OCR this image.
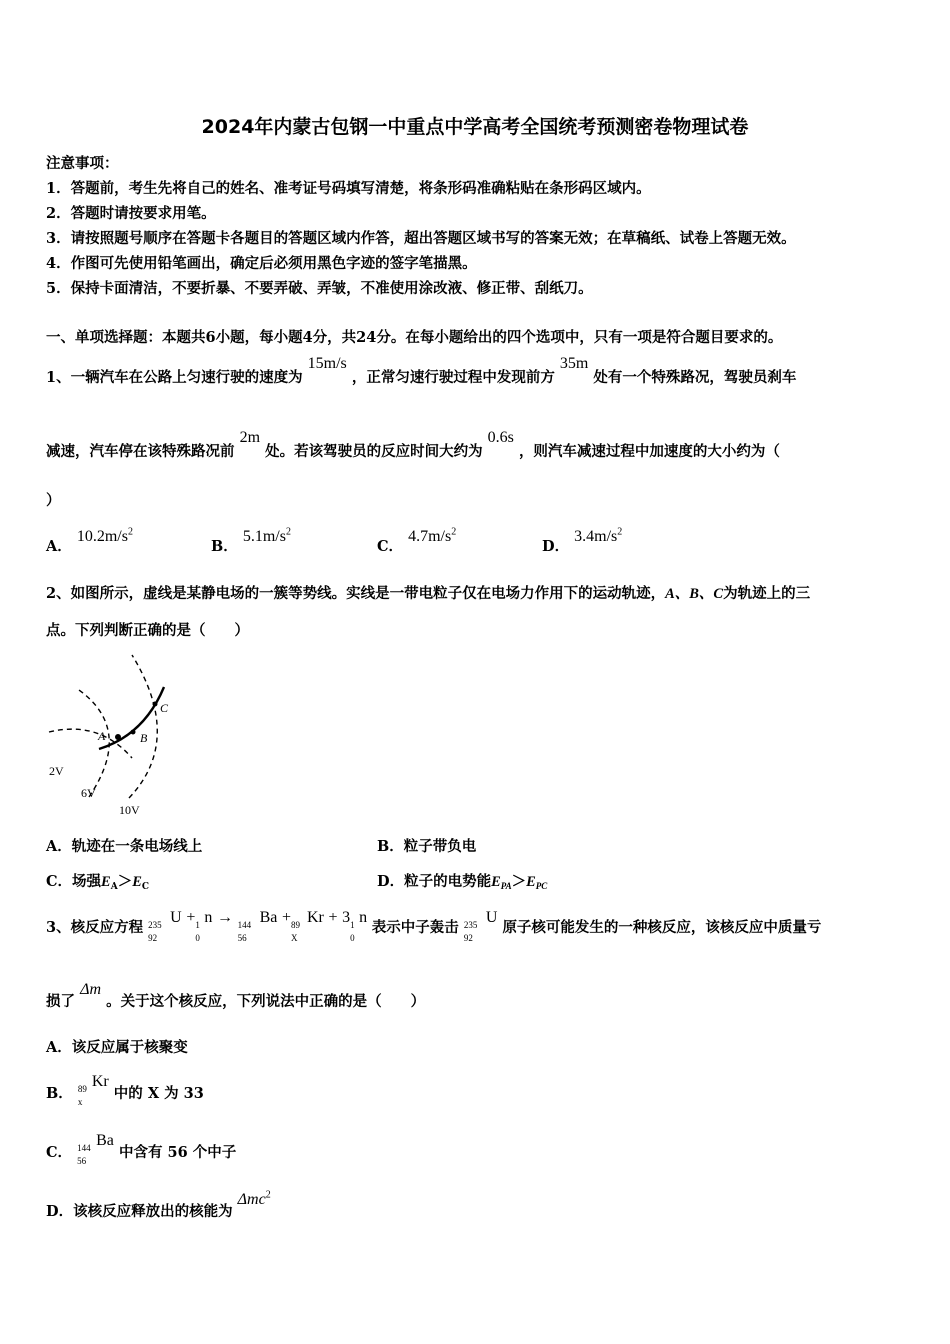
2024年内蒙古包钢一中重点中学高考全国统考预测密卷物理试卷
注意事项：
1．答题前，考生先将自己的姓名、准考证号码填写清楚，将条形码准确粘贴在条形码区域内。
2．答题时请按要求用笔。
3．请按照题号顺序在答题卡各题目的答题区域内作答，超出答题区域书写的答案无效；在草稿纸、试卷上答题无效。
4．作图可先使用铅笔画出，确定后必须用黑色字迹的签字笔描黑。
5．保持卡面清洁，不要折暴、不要弄破、弄皱，不准使用涂改液、修正带、刮纸刀。
一、单项选择题：本题共6小题，每小题4分，共24分。在每小题给出的四个选项中，只有一项是符合题目要求的。
1、一辆汽车在公路上匀速行驶的速度为 15m/s ，正常匀速行驶过程中发现前方 35m 处有一个特殊路况，驾驶员刹车
减速，汽车停在该特殊路况前 2m 处。若该驾驶员的反应时间大约为 0.6s ，则汽车减速过程中加速度的大小约为（
）
A． $10.2m/s^2$
B． $5.1m/s^2$
C． $4.7m/s^2$
D． $3.4m/s^2$
2、如图所示，虚线是某静电场的一簇等势线。实线是一带电粒子仅在电场力作用下的运动轨迹，A、B、C为轨迹上的三
点。下列判断正确的是（　　）
A	B
C
2V
6V
10V
A．轨迹在一条电场线上	B．粒子带负电
C．场强$E_A>E_C$	D．粒子的电势能$E_{PA}>E_{PC}$
3、核反应方程 235
92
U + 1
0
n → 144
56
Ba + 89
X
Kr + 3 1
0
n 表示中子轰击 235
92
U 原子核可能发生的一种核反应，该核反应中质量亏
损了 Δm 。关于这个核反应，下列说法中正确的是（　　）
A．该反应属于核聚变
B． 89
x
Kr 中的 X 为 33
C． 144
56
Ba 中含有 56 个中子
D．该核反应释放出的核能为 Δmc$^2$
